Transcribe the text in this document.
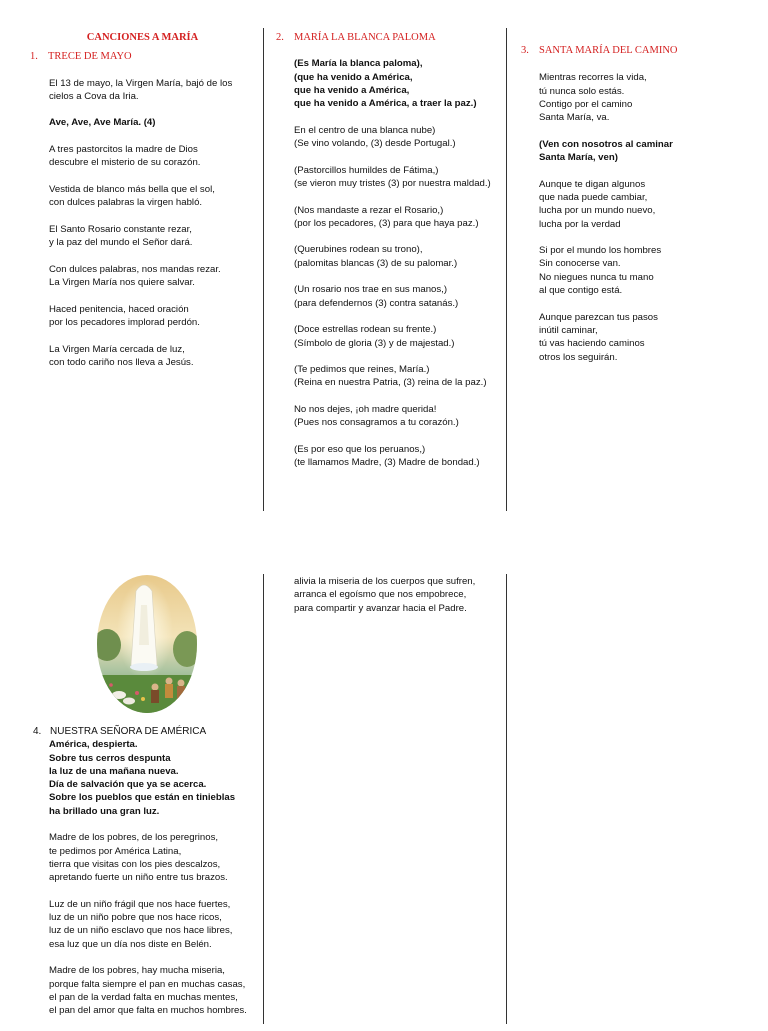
CANCIONES A MARÍA
1. TRECE DE MAYO
El 13 de mayo, la Virgen María, bajó de los
cielos a Cova da Iria.
Ave, Ave, Ave María. (4)
A tres pastorcitos la madre de Dios
descubre el misterio de su corazón.
Vestida de blanco más bella que el sol,
con dulces palabras la virgen habló.
El Santo Rosario constante rezar,
y la paz del mundo el Señor dará.
Con dulces palabras, nos mandas rezar.
La Virgen María nos quiere salvar.
Haced penitencia, haced oración
por los pecadores implorad perdón.
La Virgen María cercada de luz,
con todo cariño nos lleva a Jesús.
2. MARÍA LA BLANCA PALOMA
(Es María la blanca paloma),
(que ha venido a América,
que ha venido a América,
que ha venido a América, a traer la paz.)
En el centro de una blanca nube)
(Se vino volando, (3) desde Portugal.)
(Pastorcillos humildes de Fátima,)
(se vieron muy tristes (3) por nuestra maldad.)
(Nos mandaste a rezar el Rosario,)
(por los pecadores, (3) para que haya paz.)
(Querubines rodean su trono),
(palomitas blancas (3) de su palomar.)
(Un rosario nos trae en sus manos,)
(para defendernos (3) contra satanás.)
(Doce estrellas rodean su frente.)
(Símbolo de gloria (3) y de majestad.)
(Te pedimos que reines, María.)
(Reina en nuestra Patria, (3) reina de la paz.)
No nos dejes, ¡oh madre querida!
(Pues nos consagramos a tu corazón.)
(Es por eso que los peruanos,)
(te llamamos Madre, (3) Madre de bondad.)
3. SANTA MARÍA DEL CAMINO
Mientras recorres la vida,
tú nunca solo estás.
Contigo por el camino
Santa María, va.
(Ven con nosotros al caminar
Santa María, ven)
Aunque te digan algunos
que nada puede cambiar,
lucha por un mundo nuevo,
lucha por la verdad
Si por el mundo los hombres
Sin conocerse van.
No niegues nunca tu mano
al que contigo está.
Aunque parezcan tus pasos
inútil caminar,
tú vas haciendo caminos
otros los seguirán.
4. NUESTRA SEÑORA DE AMÉRICA
América, despierta.
Sobre tus cerros despunta
la luz de una mañana nueva.
Día de salvación que ya se acerca.
Sobre los pueblos que están en tinieblas
ha brillado una gran luz.
Madre de los pobres, de los peregrinos,
te pedimos por América Latina,
tierra que visitas con los pies descalzos,
apretando fuerte un niño entre tus brazos.
Luz de un niño frágil que nos hace fuertes,
luz de un niño pobre que nos hace ricos,
luz de un niño esclavo que nos hace libres,
esa luz que un día nos diste en Belén.
Madre de los pobres, hay mucha miseria,
porque falta siempre el pan en muchas casas,
el pan de la verdad falta en muchas mentes,
el pan del amor que falta en muchos hombres.
alivia la miseria de los cuerpos que sufren,
arranca el egoísmo que nos empobrece,
para compartir y avanzar hacia el Padre.
